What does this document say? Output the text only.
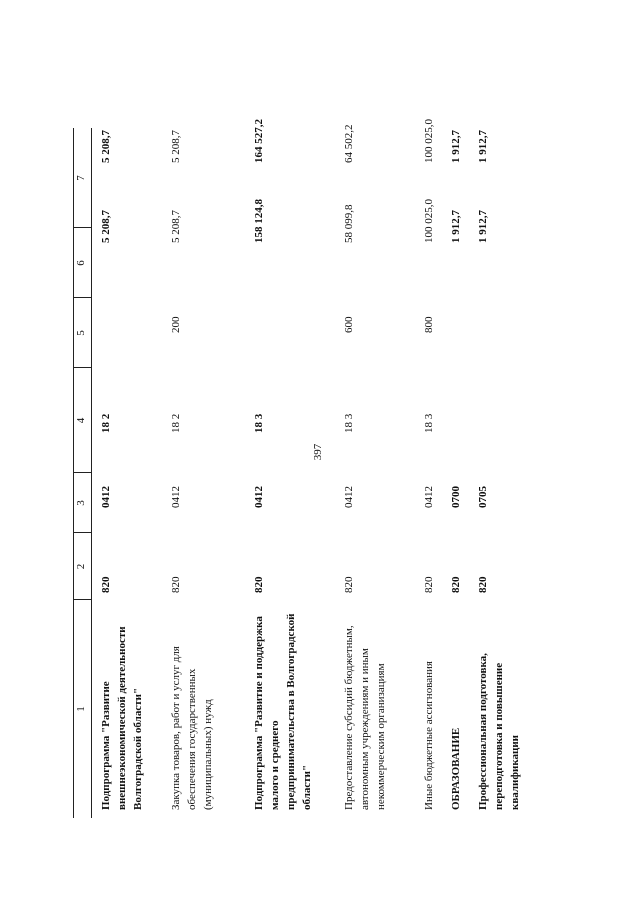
397
1
2
3
4
5
6
7
Подпрограмма "Развитие внешнеэкономической деятельности Волгоградской области"
820
0412
18 2
5 208,7
5 208,7
Закупка товаров, работ и услуг для обеспечения государственных (муниципальных) нужд
820
0412
18 2
200
5 208,7
5 208,7
Подпрограмма "Развитие и поддержка малого и среднего предпринимательства в Волгоградской области"
820
0412
18 3
158 124,8
164 527,2
Предоставление субсидий бюджетным, автономным учреждениям и иным некоммерческим организациям
820
0412
18 3
600
58 099,8
64 502,2
Иные бюджетные ассигнования
820
0412
18 3
800
100 025,0
100 025,0
ОБРАЗОВАНИЕ
820
0700
1 912,7
1 912,7
Профессиональная подготовка, переподготовка и повышение квалификации
820
0705
1 912,7
1 912,7
